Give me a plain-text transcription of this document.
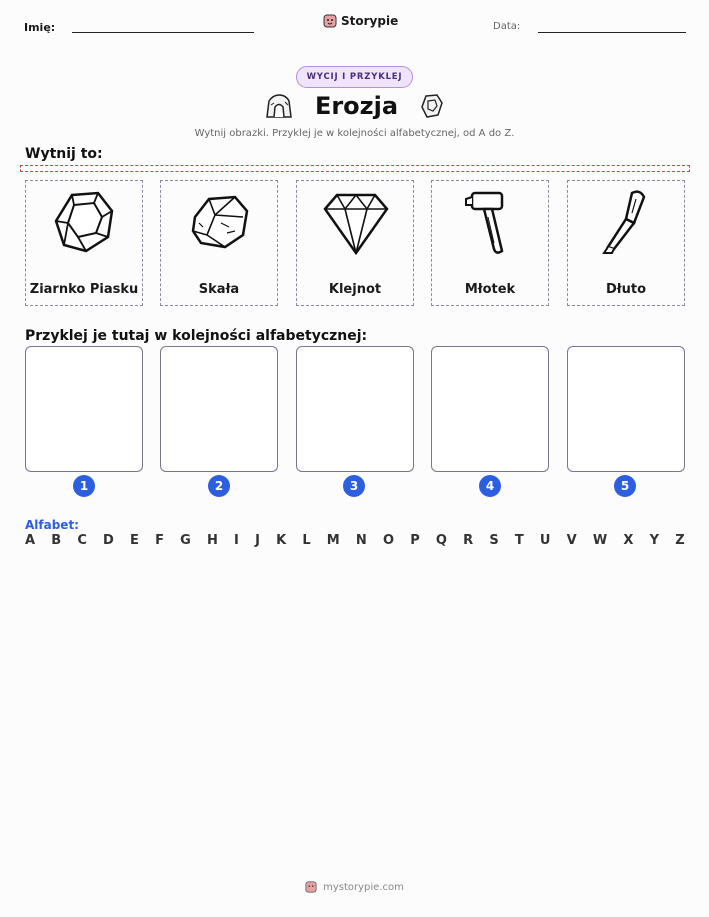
Imię:	Storypie	Data:
WYCIJ I PRZYKLEJ
Erozja
Wytnij obrazki. Przyklej je w kolejności alfabetycznej, od A do Z.
Wytnij to:
Ziarnko Piasku	Skała	Klejnot	Młotek	Dłuto
Przyklej je tutaj w kolejności alfabetycznej:
1	2	3	4	5
Alfabet:
A B C D E F G H I J K L M N O P Q R S T U V W X Y Z
mystorypie.com
